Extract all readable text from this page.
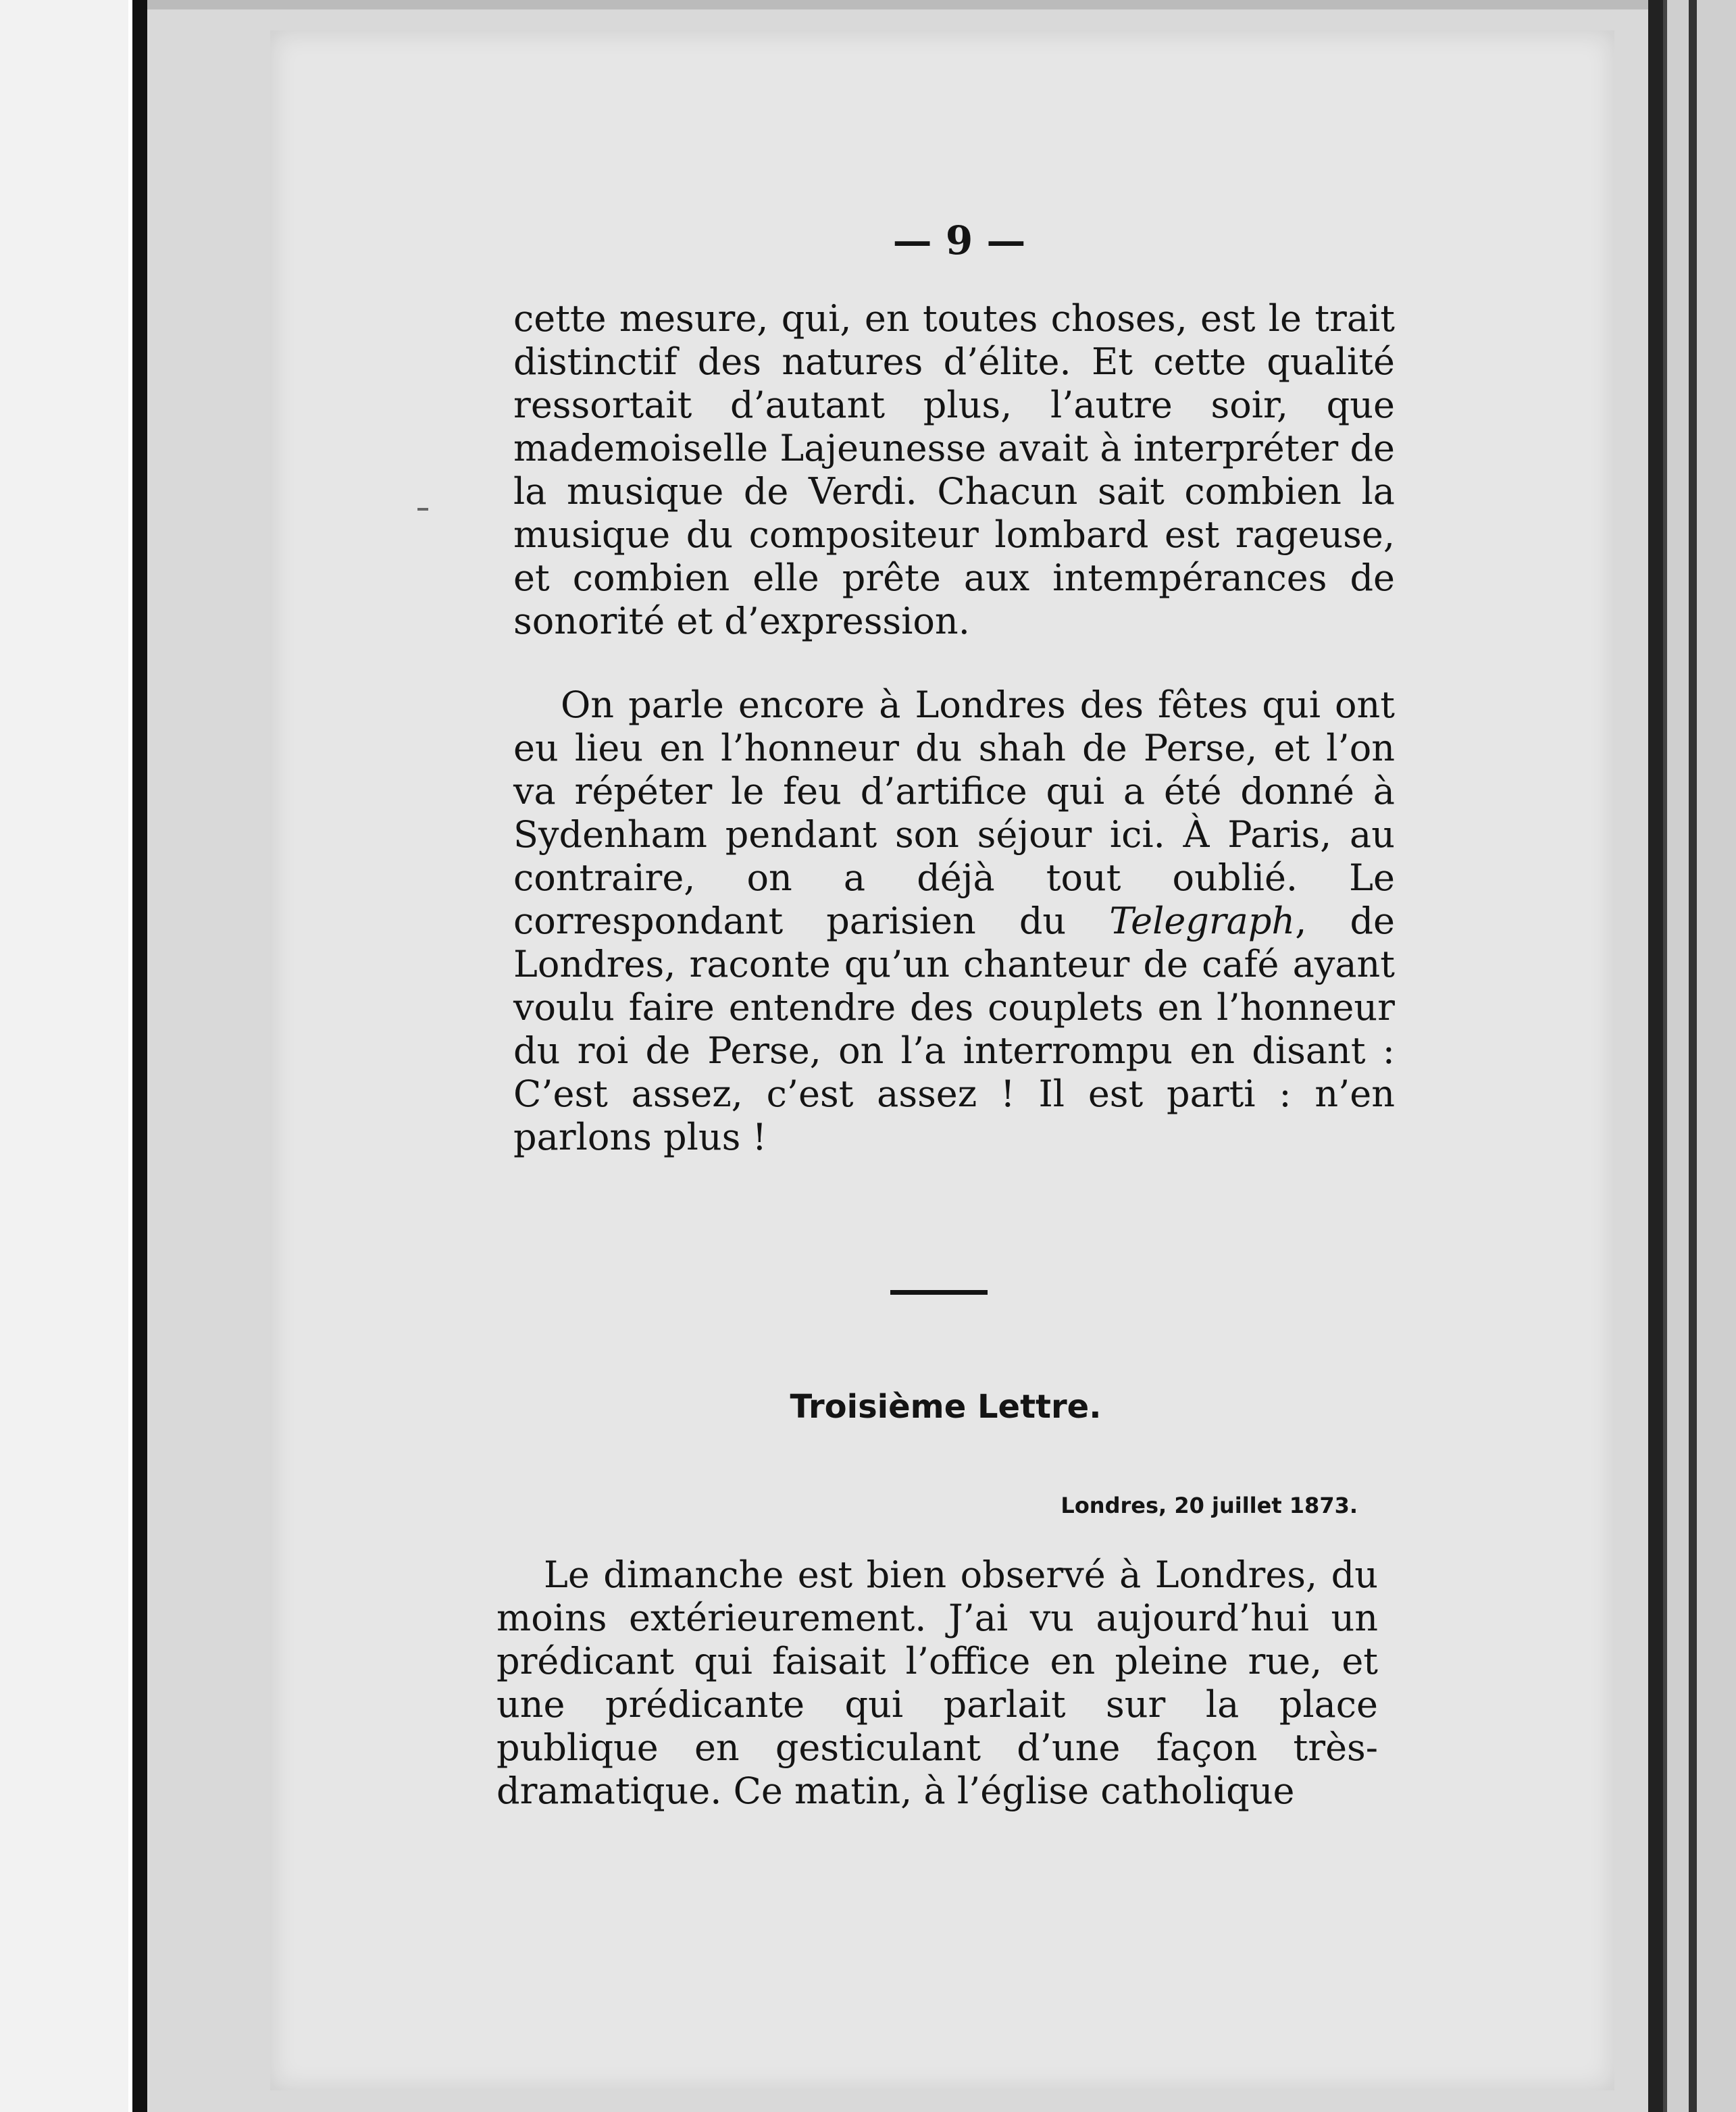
— 9 —

cette mesure, qui, en toutes choses, est le trait distinctif des natures d’élite. Et cette qualité ressortait d’autant plus, l’autre soir, que mademoiselle Lajeunesse avait à interpréter de la musique de Verdi. Chacun sait combien la musique du compositeur lombard est rageuse, et combien elle prête aux intempérances de sonorité et d’expression.

On parle encore à Londres des fêtes qui ont eu lieu en l’honneur du shah de Perse, et l’on va répéter le feu d’artifice qui a été donné à Sydenham pendant son séjour ici. À Paris, au contraire, on a déjà tout oublié. Le correspondant parisien du Telegraph, de Londres, raconte qu’un chanteur de café ayant voulu faire entendre des couplets en l’honneur du roi de Perse, on l’a interrompu en disant : C’est assez, c’est assez ! Il est parti : n’en parlons plus !

Troisième Lettre.
Londres, 20 juillet 1873.

Le dimanche est bien observé à Londres, du moins extérieurement. J’ai vu aujourd’hui un prédicant qui faisait l’office en pleine rue, et une prédicante qui parlait sur la place publique en gesticulant d’une façon très-dramatique. Ce matin, à l’église catholique
